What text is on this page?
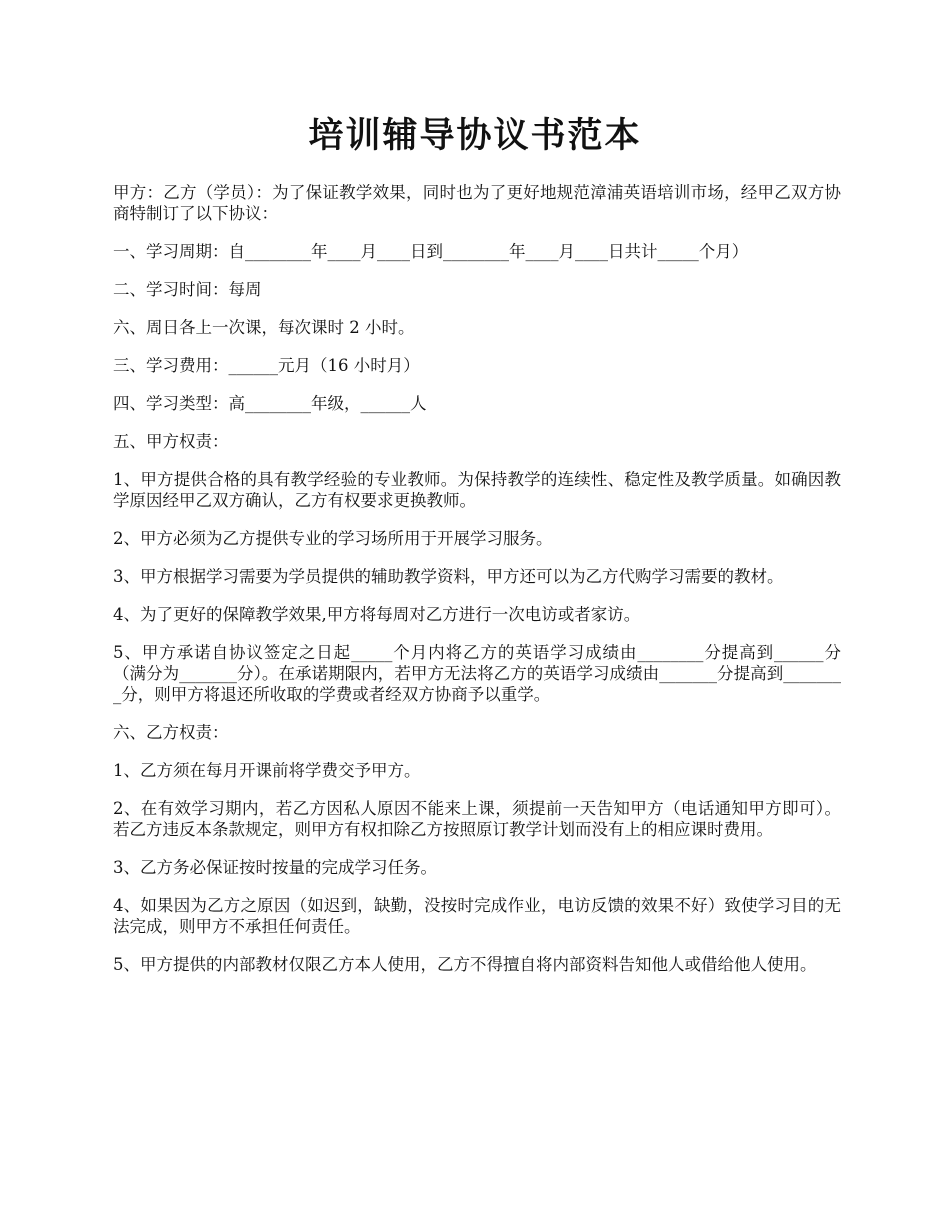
培训辅导协议书范本

甲方：乙方（学员）：为了保证教学效果，同时也为了更好地规范漳浦英语培训市场，经甲乙双方协商特制订了以下协议：

一、学习周期：自________年____月____日到________年____月____日共计_____个月）

二、学习时间：每周

六、周日各上一次课，每次课时 2 小时。

三、学习费用：______元月（16 小时月）

四、学习类型：高________年级，______人

五、甲方权责：

1、甲方提供合格的具有教学经验的专业教师。为保持教学的连续性、稳定性及教学质量。如确因教学原因经甲乙双方确认，乙方有权要求更换教师。

2、甲方必须为乙方提供专业的学习场所用于开展学习服务。

3、甲方根据学习需要为学员提供的辅助教学资料，甲方还可以为乙方代购学习需要的教材。

4、为了更好的保障教学效果,甲方将每周对乙方进行一次电访或者家访。

5、甲方承诺自协议签定之日起_____个月内将乙方的英语学习成绩由________分提高到______分（满分为_______分）。在承诺期限内，若甲方无法将乙方的英语学习成绩由_______分提高到________分，则甲方将退还所收取的学费或者经双方协商予以重学。

六、乙方权责：

1、乙方须在每月开课前将学费交予甲方。

2、在有效学习期内，若乙方因私人原因不能来上课，须提前一天告知甲方（电话通知甲方即可）。若乙方违反本条款规定，则甲方有权扣除乙方按照原订教学计划而没有上的相应课时费用。

3、乙方务必保证按时按量的完成学习任务。

4、如果因为乙方之原因（如迟到，缺勤，没按时完成作业，电访反馈的效果不好）致使学习目的无法完成，则甲方不承担任何责任。

5、甲方提供的内部教材仅限乙方本人使用，乙方不得擅自将内部资料告知他人或借给他人使用。
